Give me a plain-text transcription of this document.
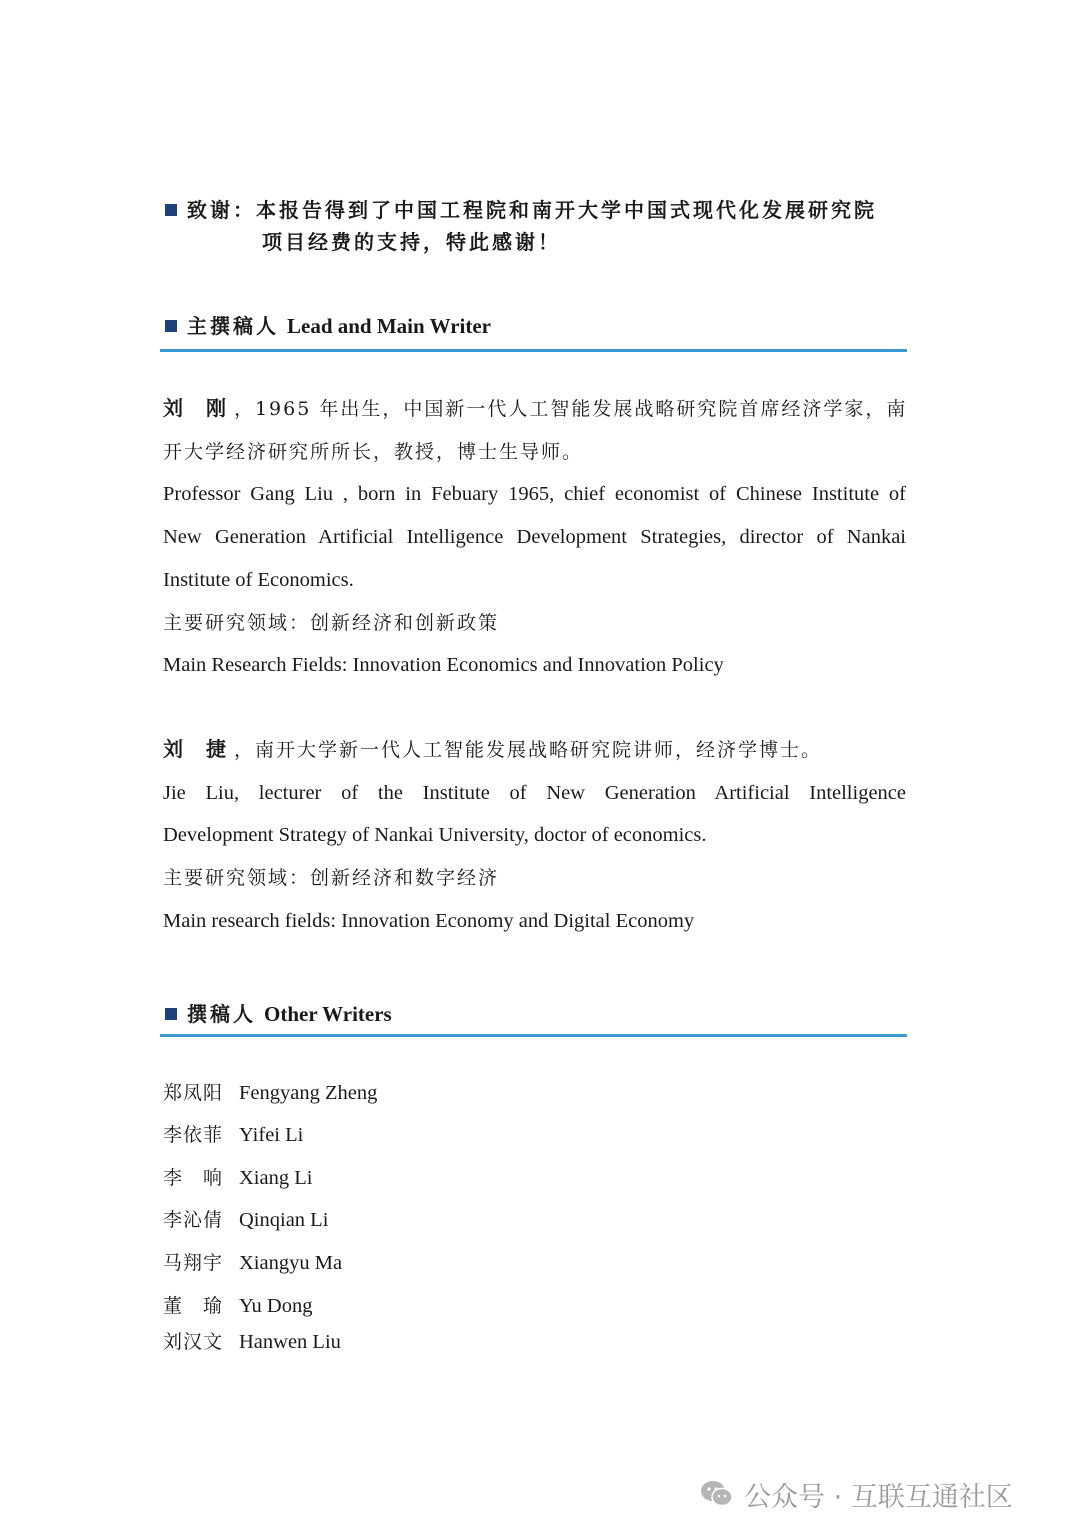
致谢：本报告得到了中国工程院和南开大学中国式现代化发展研究院
项目经费的支持，特此感谢！
主撰稿人 Lead and Main Writer
刘 刚，1965 年出生，中国新一代人工智能发展战略研究院首席经济学家，南
开大学经济研究所所长，教授，博士生导师。
Professor Gang Liu , born in Febuary 1965, chief economist of Chinese Institute of
New Generation Artificial Intelligence Development Strategies, director of Nankai
Institute of Economics.
主要研究领域：创新经济和创新政策
Main Research Fields: Innovation Economics and Innovation Policy
刘 捷，南开大学新一代人工智能发展战略研究院讲师，经济学博士。
Jie Liu, lecturer of the Institute of New Generation Artificial Intelligence
Development Strategy of Nankai University, doctor of economics.
主要研究领域：创新经济和数字经济
Main research fields: Innovation Economy and Digital Economy
撰稿人 Other Writers
郑凤阳 Fengyang Zheng
李依菲 Yifei Li
李　响 Xiang Li
李沁倩 Qinqian Li
马翔宇 Xiangyu Ma
董　瑜 Yu Dong
刘汉文 Hanwen Liu
公众号 · 互联互通社区
